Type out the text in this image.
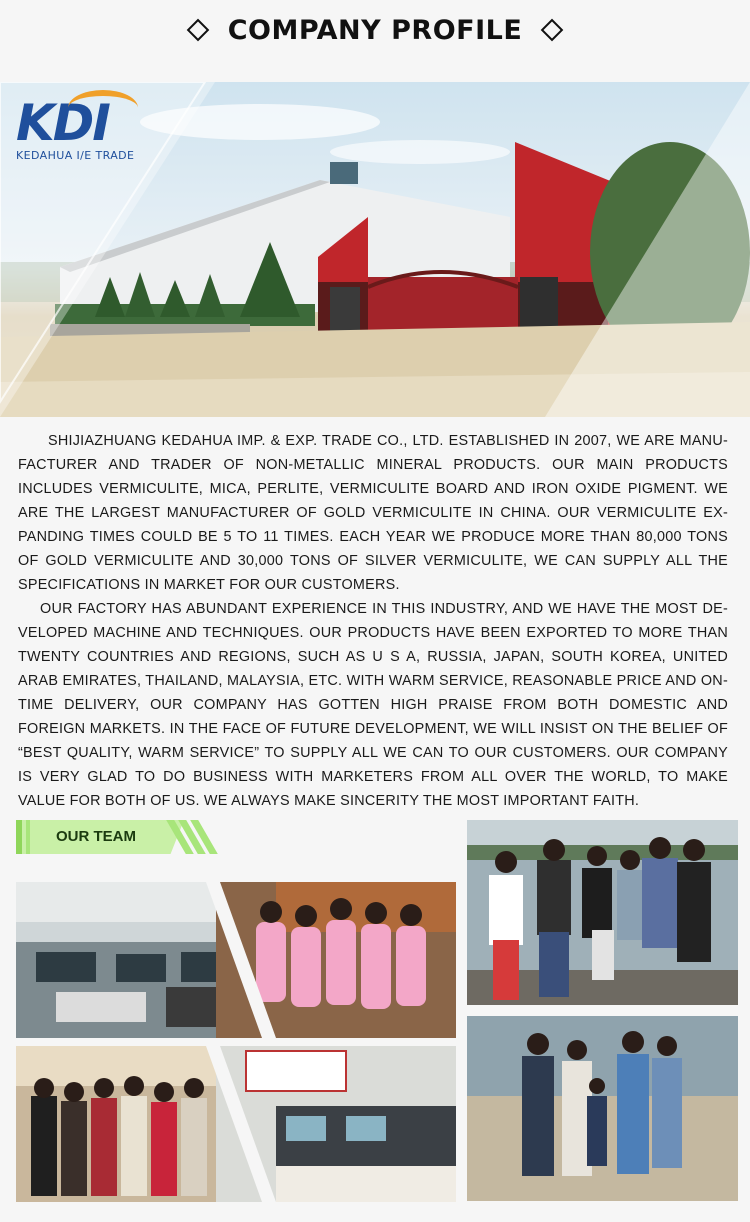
COMPANY PROFILE
KDI
KEDAHUA I/E TRADE

SHIJIAZHUANG KEDAHUA IMP. & EXP. TRADE CO., LTD. ESTABLISHED IN 2007, WE ARE MANU-FACTURER AND TRADER OF NON-METALLIC MINERAL PRODUCTS. OUR MAIN PRODUCTS INCLUDES VERMICULITE, MICA, PERLITE, VERMICULITE BOARD AND IRON OXIDE PIGMENT. WE ARE THE LARGEST MANUFACTURER OF GOLD VERMICULITE IN CHINA. OUR VERMICULITE EX-PANDING TIMES COULD BE 5 TO 11 TIMES. EACH YEAR WE PRODUCE MORE THAN 80,000 TONS OF GOLD VERMICULITE AND 30,000 TONS OF SILVER VERMICULITE, WE CAN SUPPLY ALL THE SPECIFICATIONS IN MARKET FOR OUR CUSTOMERS.

OUR FACTORY HAS ABUNDANT EXPERIENCE IN THIS INDUSTRY, AND WE HAVE THE MOST DE-VELOPED MACHINE AND TECHNIQUES. OUR PRODUCTS HAVE BEEN EXPORTED TO MORE THAN TWENTY COUNTRIES AND REGIONS, SUCH AS U S A, RUSSIA, JAPAN, SOUTH KOREA, UNITED ARAB EMIRATES, THAILAND, MALAYSIA, ETC. WITH WARM SERVICE, REASONABLE PRICE AND ON-TIME DELIVERY, OUR COMPANY HAS GOTTEN HIGH PRAISE FROM BOTH DOMESTIC AND FOREIGN MARKETS. IN THE FACE OF FUTURE DEVELOPMENT, WE WILL INSIST ON THE BELIEF OF “BEST QUALITY, WARM SERVICE” TO SUPPLY ALL WE CAN TO OUR CUSTOMERS. OUR COMPANY IS VERY GLAD TO DO BUSINESS WITH MARKETERS FROM ALL OVER THE WORLD, TO MAKE VALUE FOR BOTH OF US. WE ALWAYS MAKE SINCERITY THE MOST IMPORTANT FAITH.

OUR TEAM
